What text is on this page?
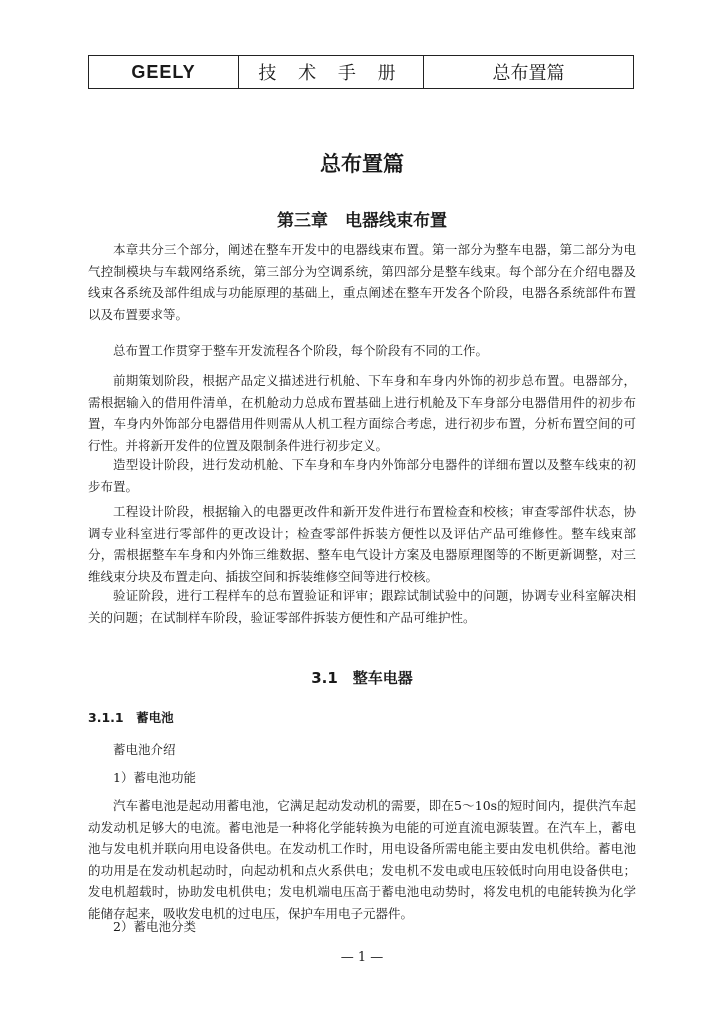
GEELY	技 术 手 册	总布置篇
总布置篇
第三章　电器线束布置

本章共分三个部分，阐述在整车开发中的电器线束布置。第一部分为整车电器，第二部分为电气控制模块与车载网络系统，第三部分为空调系统，第四部分是整车线束。每个部分在介绍电器及线束各系统及部件组成与功能原理的基础上，重点阐述在整车开发各个阶段，电器各系统部件布置以及布置要求等。

总布置工作贯穿于整车开发流程各个阶段，每个阶段有不同的工作。

前期策划阶段，根据产品定义描述进行机舱、下车身和车身内外饰的初步总布置。电器部分，需根据输入的借用件清单，在机舱动力总成布置基础上进行机舱及下车身部分电器借用件的初步布置，车身内外饰部分电器借用件则需从人机工程方面综合考虑，进行初步布置，分析布置空间的可行性。并将新开发件的位置及限制条件进行初步定义。

造型设计阶段，进行发动机舱、下车身和车身内外饰部分电器件的详细布置以及整车线束的初步布置。

工程设计阶段，根据输入的电器更改件和新开发件进行布置检查和校核；审查零部件状态，协调专业科室进行零部件的更改设计；检查零部件拆装方便性以及评估产品可维修性。整车线束部分，需根据整车车身和内外饰三维数据、整车电气设计方案及电器原理图等的不断更新调整，对三维线束分块及布置走向、插拔空间和拆装维修空间等进行校核。

验证阶段，进行工程样车的总布置验证和评审；跟踪试制试验中的问题，协调专业科室解决相关的问题；在试制样车阶段，验证零部件拆装方便性和产品可维护性。

3.1　整车电器
3.1.1　蓄电池
蓄电池介绍
1）蓄电池功能

汽车蓄电池是起动用蓄电池，它满足起动发动机的需要，即在5～10s的短时间内，提供汽车起动发动机足够大的电流。蓄电池是一种将化学能转换为电能的可逆直流电源装置。在汽车上，蓄电池与发电机并联向用电设备供电。在发动机工作时，用电设备所需电能主要由发电机供给。蓄电池的功用是在发动机起动时，向起动机和点火系供电；发电机不发电或电压较低时向用电设备供电；发电机超载时，协助发电机供电；发电机端电压高于蓄电池电动势时，将发电机的电能转换为化学能储存起来，吸收发电机的过电压，保护车用电子元器件。

2）蓄电池分类
— 1 —
